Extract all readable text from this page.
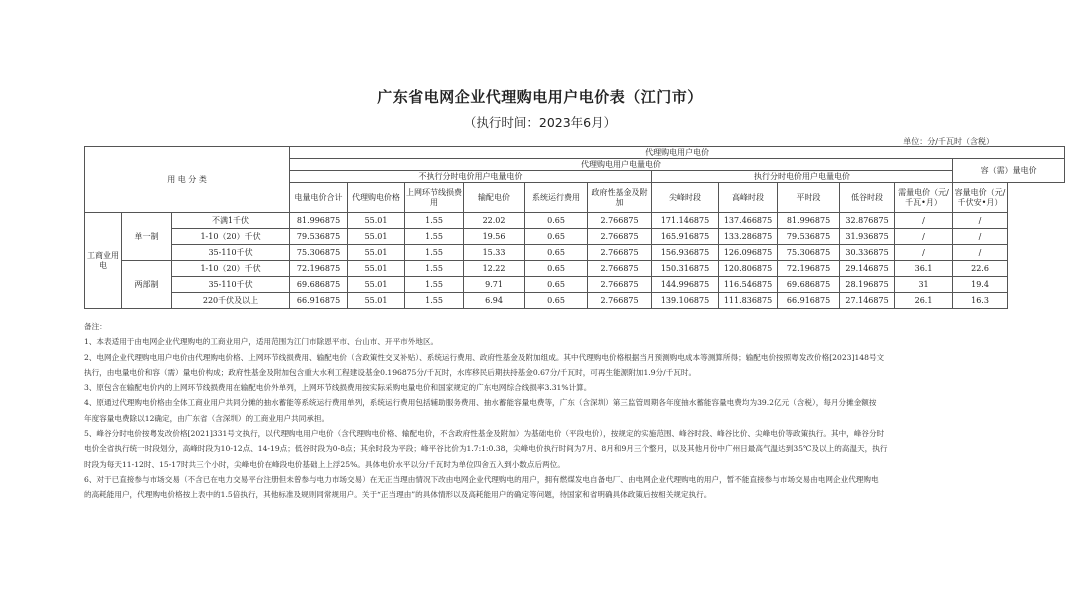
广东省电网企业代理购电用户电价表（江门市）
（执行时间：2023年6月）
单位：分/千瓦时（含税）
用 电 分 类			代理购电用户电价											
			代理购电用户电量电价											容（需）量电价
			不执行分时电价用户电量电价						执行分时电价用户电量电价					
			电量电价合计	代理购电价格	上网环节线损费用	输配电价	系统运行费用	政府性基金及附加	尖峰时段	高峰时段	平时段	低谷时段	需量电价（元/千瓦•月）	容量电价（元/千伏安•月）
工商业用电	单一制	不满1千伏	81.996875	55.01	1.55	22.02	0.65	2.766875	171.146875	137.466875	81.996875	32.876875	/	/
		1-10（20）千伏	79.536875	55.01	1.55	19.56	0.65	2.766875	165.916875	133.286875	79.536875	31.936875	/	/
		35-110千伏	75.306875	55.01	1.55	15.33	0.65	2.766875	156.936875	126.096875	75.306875	30.336875	/	/
	两部制	1-10（20）千伏	72.196875	55.01	1.55	12.22	0.65	2.766875	150.316875	120.806875	72.196875	29.146875	36.1	22.6
		35-110千伏	69.686875	55.01	1.55	9.71	0.65	2.766875	144.996875	116.546875	69.686875	28.196875	31	19.4
		220千伏及以上	66.916875	55.01	1.55	6.94	0.65	2.766875	139.106875	111.836875	66.916875	27.146875	26.1	16.3

备注：

1、本表适用于由电网企业代理购电的工商业用户，适用范围为江门市除恩平市、台山市、开平市外地区。

2、电网企业代理购电用户电价由代理购电价格、上网环节线损费用、输配电价（含政策性交叉补贴）、系统运行费用、政府性基金及附加组成。其中代理购电价格根据当月预测购电成本等测算所得；输配电价按照粤发改价格[2023]148号文

执行，由电量电价和容（需）量电价构成；政府性基金及附加包含重大水利工程建设基金0.196875分/千瓦时，水库移民后期扶持基金0.67分/千瓦时，可再生能源附加1.9分/千瓦时。

3、原包含在输配电价内的上网环节线损费用在输配电价外单列，上网环节线损费用按实际采购电量电价和国家规定的广东电网综合线损率3.31%计算。

4、原通过代理购电价格由全体工商业用户共同分摊的抽水蓄能等系统运行费用单列，系统运行费用包括辅助服务费用、抽水蓄能容量电费等，广东（含深圳）第三监管周期各年度抽水蓄能容量电费均为39.2亿元（含税），每月分摊金额按

年度容量电费除以12确定，由广东省（含深圳）的工商业用户共同承担。

5、峰谷分时电价按粤发改价格[2021]331号文执行，以代理购电用户电价（含代理购电价格、输配电价，不含政府性基金及附加）为基础电价（平段电价），按规定的实施范围、峰谷时段、峰谷比价、尖峰电价等政策执行。其中，峰谷分时

电价全省执行统一时段划分，高峰时段为10-12点、14-19点；低谷时段为0-8点；其余时段为平段；峰平谷比价为1.7:1:0.38，尖峰电价执行时间为7月、8月和9月三个整月，以及其他月份中广州日最高气温达到35℃及以上的高温天，执行

时段为每天11-12时、15-17时共三个小时，尖峰电价在峰段电价基础上上浮25%。具体电价水平以分/千瓦时为单位四舍五入到小数点后两位。

6、对于已直接参与市场交易（不含已在电力交易平台注册但未曾参与电力市场交易）在无正当理由情况下改由电网企业代理购电的用户，拥有燃煤发电自备电厂、由电网企业代理购电的用户，暂不能直接参与市场交易由电网企业代理购电

的高耗能用户，代理购电价格按上表中的1.5倍执行，其他标准及规则同常规用户。关于“正当理由”的具体情形以及高耗能用户的确定等问题，待国家和省明确具体政策后按相关规定执行。
